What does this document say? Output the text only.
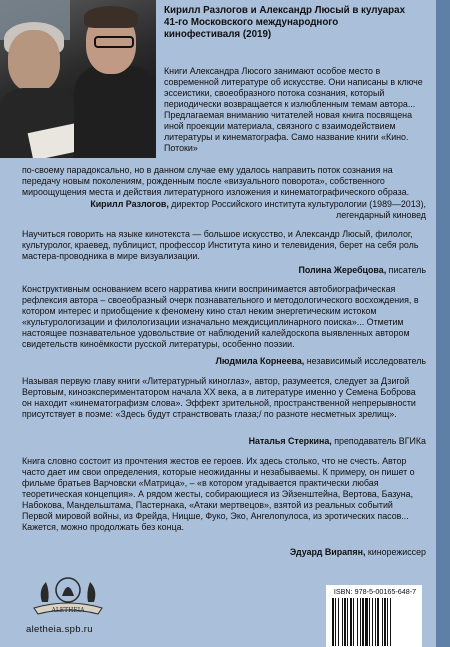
Кирилл Разлогов и Александр Люсый в кулуарах 41-го Московского международного кинофестиваля (2019)
Книги Александра Люсого занимают особое место в современной литературе об искусстве. Они написаны в ключе эссеистики, своеобразного потока сознания, который периодически возвращается к излюбленным темам автора... Предлагаемая вниманию читателей новая книга посвящена иной проекции материала, связного с взаимодействием литературы и кинематографа. Само название книги «Кино. Потоки»
по-своему парадоксально, но в данном случае ему удалось направить поток сознания на передачу новым поколениям, рожденным после «визуального поворота», собственного мироощущения места и действия литературного изложения и кинематографического образа.
Кирилл Разлогов, директор Российского института культурологии (1989—2013),
легендарный киновед
Научиться говорить на языке кинотекста — большое искусство, и Александр Люсый, филолог, культуролог, краевед, публицист, профессор Института кино и телевидения, берет на себя роль мастера-проводника в мире визуализации.
Полина Жеребцова, писатель
Конструктивным основанием всего нарративa книги воспринимается автобиографическая рефлексия автора – своеобразный очерк познавательного и методологического восхождения, в котором интерес и приобщение к феномену кино стал неким энергетическим истоком «культурологизации и филологизации изначально междисциплинарного поиска»... Отметим настоящее познавательное удовольствие от наблюдений калейдоскопа выявленных автором свидетельств киноёмкости русской литературы, особенно поэзии.
Людмила Корнеева, независимый исследователь
Называя первую главу книги «Литературный киноглаз», автор, разумеется, следует за Дзигой Вертовым, киноэкспериментатором начала XX века, а в литературе именно у Семена Боброва он находит «кинематографизм слова». Эффект зрительной, пространственной непрерывности присутствует в поэме: «Здесь будут странствовать глаза;/ по разноте несметных зрелищ».
Наталья Стеркина, преподаватель ВГИКа
Книга словно состоит из прочтения жестов ее героев. Их здесь столько, что не счесть. Автор часто дает им свои определения, которые неожиданны и незабываемы. К примеру, он пишет о фильме братьев Варчовски «Матрица», – «в котором угадывается практически любая теоретическая концепция». А рядом жесты, собирающиеся из Эйзенштейна, Вертова, Базуна, Набокова, Мандельштама, Пастернака, «Атаки мертвецов», взятой из реальных событий Первой мировой войны, из Фрейда, Ницше, Фуко, Эко, Ангелопулоса, из эротических пасов... Кажется, можно продолжать без конца.
Эдуард Вирапян, кинорежиссер
ALETHEIA
aletheia.spb.ru
ISBN: 978-5-00165-648-7
